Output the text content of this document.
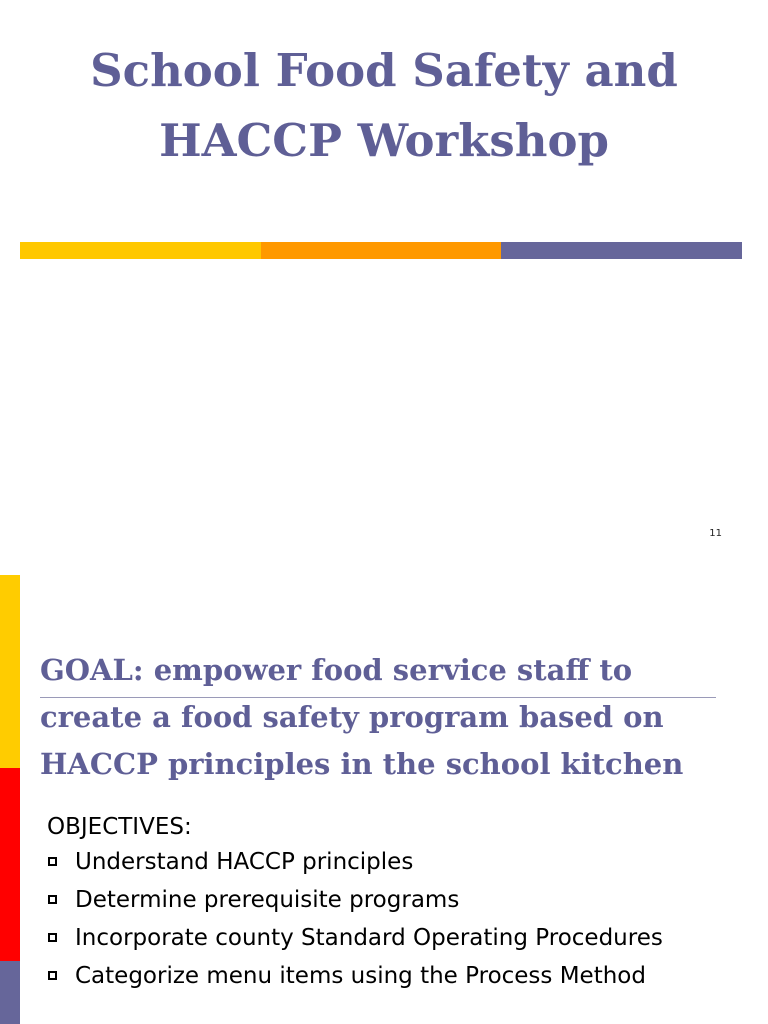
School Food Safety and
HACCP Workshop
11
GOAL: empower food service staff to
create a food safety program based on
HACCP principles in the school kitchen
OBJECTIVES:
Understand HACCP principles
Determine prerequisite programs
Incorporate county Standard Operating Procedures
Categorize menu items using the Process Method
